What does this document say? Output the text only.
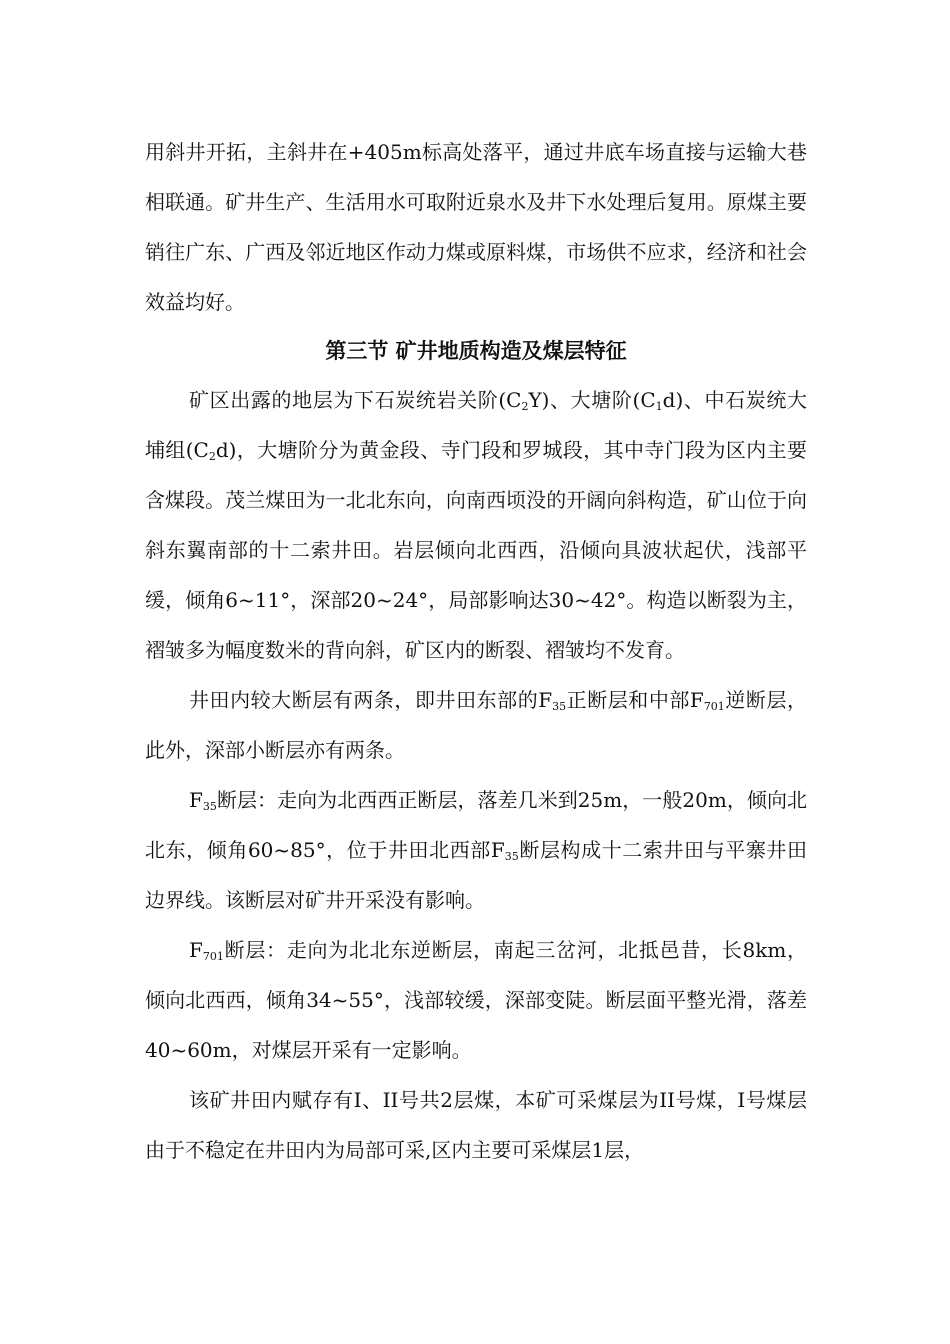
用斜井开拓，主斜井在+405m标高处落平，通过井底车场直接与运输大巷相联通。矿井生产、生活用水可取附近泉水及井下水处理后复用。原煤主要销往广东、广西及邻近地区作动力煤或原料煤，市场供不应求，经济和社会效益均好。

第三节 矿井地质构造及煤层特征

矿区出露的地层为下石炭统岩关阶$(C_2Y)$、大塘阶$(C_1d)$、中石炭统大埔组$(C_2d)$，大塘阶分为黄金段、寺门段和罗城段，其中寺门段为区内主要含煤段。茂兰煤田为一北北东向，向南西顷没的开阔向斜构造，矿山位于向斜东翼南部的十二索井田。岩层倾向北西西，沿倾向具波状起伏，浅部平缓，倾角6~11°，深部20~24°，局部影响达30~42°。构造以断裂为主，褶皱多为幅度数米的背向斜，矿区内的断裂、褶皱均不发育。

井田内较大断层有两条，即井田东部的$F_{35}$正断层和中部$F_{701}$逆断层，此外，深部小断层亦有两条。

$F_{35}$断层：走向为北西西正断层，落差几米到25m，一般20m，倾向北北东，倾角60~85°，位于井田北西部$F_{35}$断层构成十二索井田与平寨井田边界线。该断层对矿井开采没有影响。

$F_{701}$断层：走向为北北东逆断层，南起三岔河，北抵邑昔，长8km，倾向北西西，倾角34~55°，浅部较缓，深部变陡。断层面平整光滑，落差40~60m，对煤层开采有一定影响。

该矿井田内赋存有I、II号共2层煤，本矿可采煤层为II号煤，I号煤层由于不稳定在井田内为局部可采,区内主要可采煤层1层，
